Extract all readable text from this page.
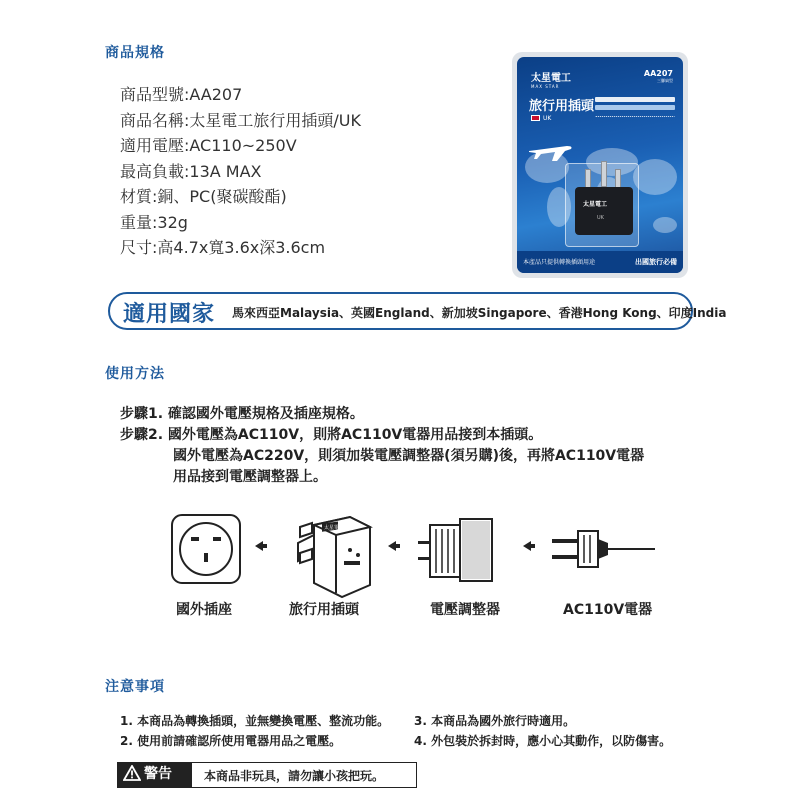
商品規格
商品型號:AA207
商品名稱:太星電工旅行用插頭/UK
適用電壓:AC110~250V
最高負載:13A MAX
材質:銅、PC(聚碳酸酯)
重量:32g
尺寸:高4.7x寬3.6x深3.6cm
太星電工
MAX STAR
AA207
三腳扁型
旅行用插頭
UK
太星電工
UK
本產品只提供轉換插頭用途	出國旅行必備
適用國家 馬來西亞Malaysia、英國England、新加坡Singapore、香港Hong Kong、印度India
使用方法
步驟1. 確認國外電壓規格及插座規格。
步驟2. 國外電壓為AC110V，則將AC110V電器用品接到本插頭。
國外電壓為AC220V，則須加裝電壓調整器(須另購)後，再將AC110V電器
用品接到電壓調整器上。
太星電工
國外插座	旅行用插頭	電壓調整器	AC110V電器
注意事項
1. 本商品為轉換插頭，並無變換電壓、整流功能。
2. 使用前請確認所使用電器用品之電壓。
3. 本商品為國外旅行時適用。
4. 外包裝於拆封時，應小心其動作，以防傷害。
警告	本商品非玩具，請勿讓小孩把玩。
